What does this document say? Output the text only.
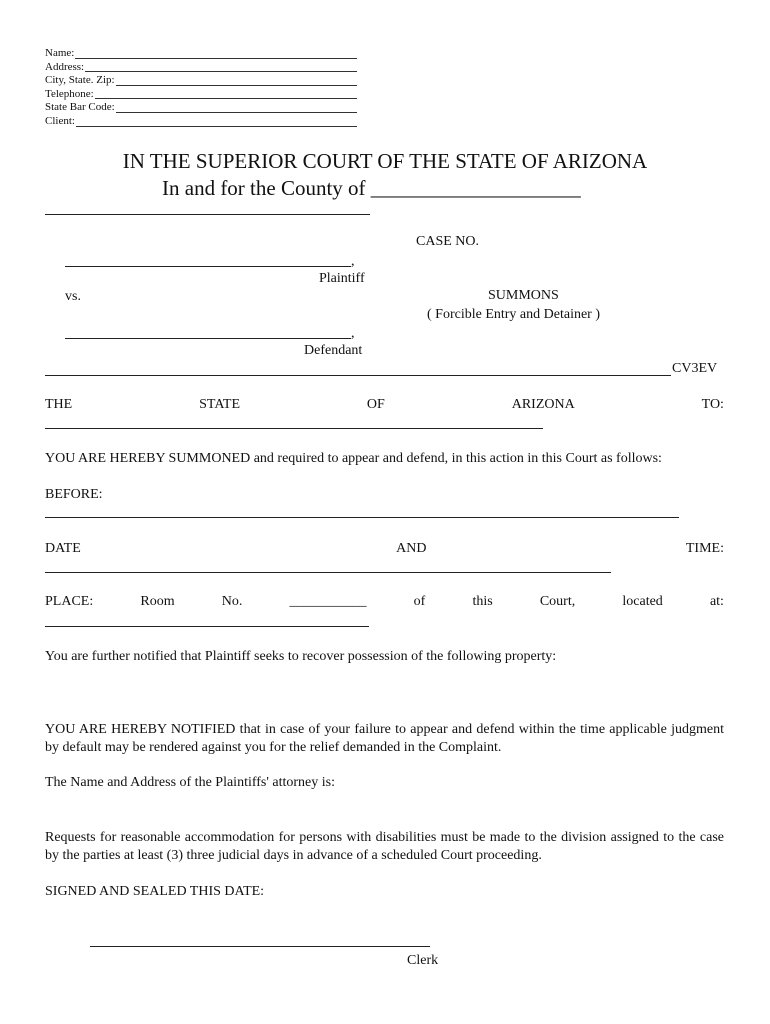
Name:
Address:
City, State. Zip:
Telephone:
State Bar Code:
Client:
IN THE SUPERIOR COURT OF THE STATE OF ARIZONA
In and for the County of ____________________
CASE NO.
,
Plaintiff
vs.	SUMMONS
( Forcible Entry and Detainer )
,
Defendant
CV3EV
THE	STATE	OF	ARIZONA	TO:
YOU ARE HEREBY SUMMONED and required to appear and defend, in this action in this Court as follows:
BEFORE:
DATE	AND	TIME:
PLACE:	Room	No.	___________	of	this	Court,	located	at:
You are further notified that Plaintiff seeks to recover possession of the following property:
YOU ARE HEREBY NOTIFIED that in case of your failure to appear and defend within the time applicable judgment by default may be rendered against you for the relief demanded in the Complaint.
The Name and Address of the Plaintiffs' attorney is:
Requests for reasonable accommodation for persons with disabilities must be made to the division assigned to the case by the parties at least (3) three judicial days in advance of a scheduled Court proceeding.
SIGNED AND SEALED THIS DATE:
Clerk
